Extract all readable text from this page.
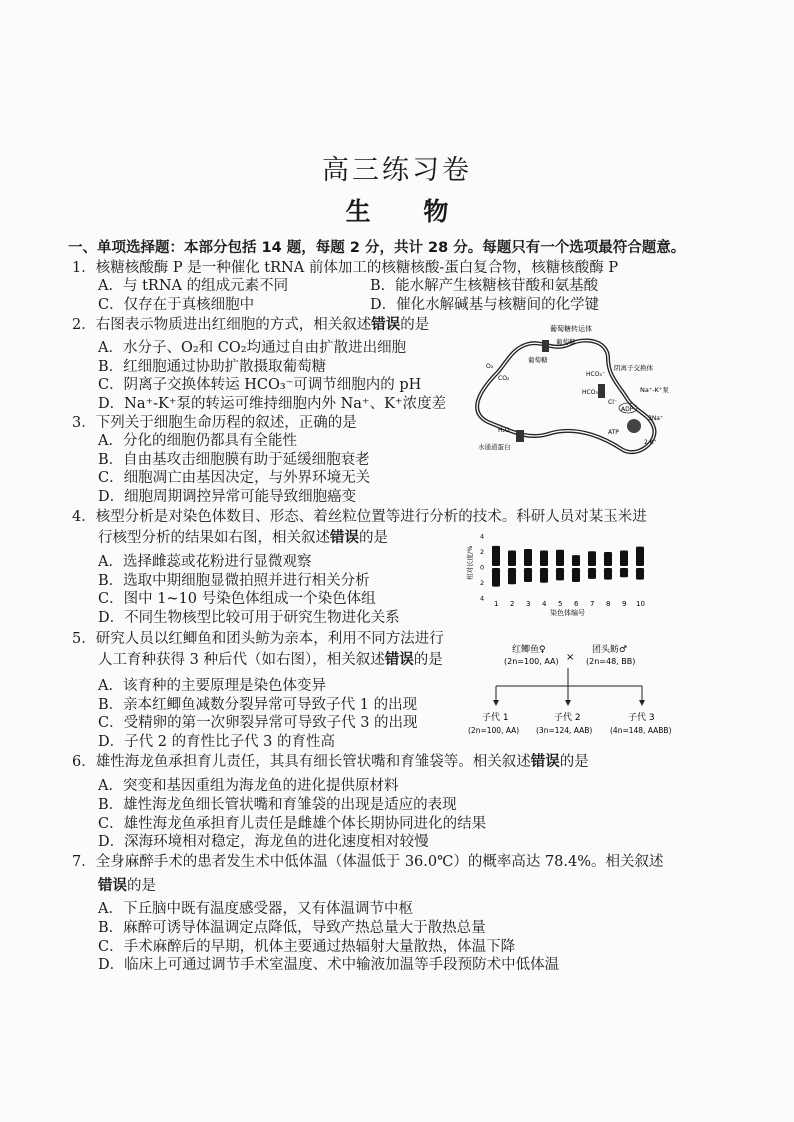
高三练习卷
生 物
一、单项选择题：本部分包括 14 题，每题 2 分，共计 28 分。每题只有一个选项最符合题意。
1．核糖核酸酶 P 是一种催化 tRNA 前体加工的核糖核酸-蛋白复合物，核糖核酸酶 P
A．与 tRNA 的组成元素不同	B．能水解产生核糖核苷酸和氨基酸
C．仅存在于真核细胞中	D．催化水解碱基与核糖间的化学键
2．右图表示物质进出红细胞的方式，相关叙述错误的是
A．水分子、O₂和 CO₂均通过自由扩散进出细胞
B．红细胞通过协助扩散摄取葡萄糖
C．阴离子交换体转运 HCO₃⁻可调节细胞内的 pH
D．Na⁺-K⁺泵的转运可维持细胞内外 Na⁺、K⁺浓度差
葡萄糖转运体
葡萄糖
葡萄糖
阴离子交换体
Na⁺-K⁺泵
水通道蛋白
H₂O
O₂
CO₂
HCO₃⁻
HCO₃⁻
Cl⁻
ADP
ATP
3Na⁺
2 K⁺
3．下列关于细胞生命历程的叙述，正确的是
A．分化的细胞仍都具有全能性
B．自由基攻击细胞膜有助于延缓细胞衰老
C．细胞凋亡由基因决定，与外界环境无关
D．细胞周期调控异常可能导致细胞癌变
4．核型分析是对染色体数目、形态、着丝粒位置等进行分析的技术。科研人员对某玉米进
行核型分析的结果如右图，相关叙述错误的是
A．选择雌蕊或花粉进行显微观察
B．选取中期细胞显微拍照并进行相关分析
C．图中 1~10 号染色体组成一个染色体组
D．不同生物核型比较可用于研究生物进化关系
相对长度/%
染色体编号
4
2
0
2
4
1 2 3 4 5 6 7 8 9 10
5．研究人员以红鲫鱼和团头鲂为亲本，利用不同方法进行
人工育种获得 3 种后代（如右图），相关叙述错误的是
A．该育种的主要原理是染色体变异
B．亲本红鲫鱼减数分裂异常可导致子代 1 的出现
C．受精卵的第一次卵裂异常可导致子代 3 的出现
D．子代 2 的育性比子代 3 的育性高
红鲫鱼♀
(2n=100, AA) ×
团头鲂♂
(2n=48, BB)
子代 1
(2n=100, AA)
子代 2
(3n=124, AAB)
子代 3
(4n=148, AABB)
6．雄性海龙鱼承担育儿责任，其具有细长管状嘴和育雏袋等。相关叙述错误的是
A．突变和基因重组为海龙鱼的进化提供原材料
B．雄性海龙鱼细长管状嘴和育雏袋的出现是适应的表现
C．雄性海龙鱼承担育儿责任是雌雄个体长期协同进化的结果
D．深海环境相对稳定，海龙鱼的进化速度相对较慢
7．全身麻醉手术的患者发生术中低体温（体温低于 36.0℃）的概率高达 78.4%。相关叙述
错误的是
A．下丘脑中既有温度感受器，又有体温调节中枢
B．麻醉可诱导体温调定点降低，导致产热总量大于散热总量
C．手术麻醉后的早期，机体主要通过热辐射大量散热，体温下降
D．临床上可通过调节手术室温度、术中输液加温等手段预防术中低体温
